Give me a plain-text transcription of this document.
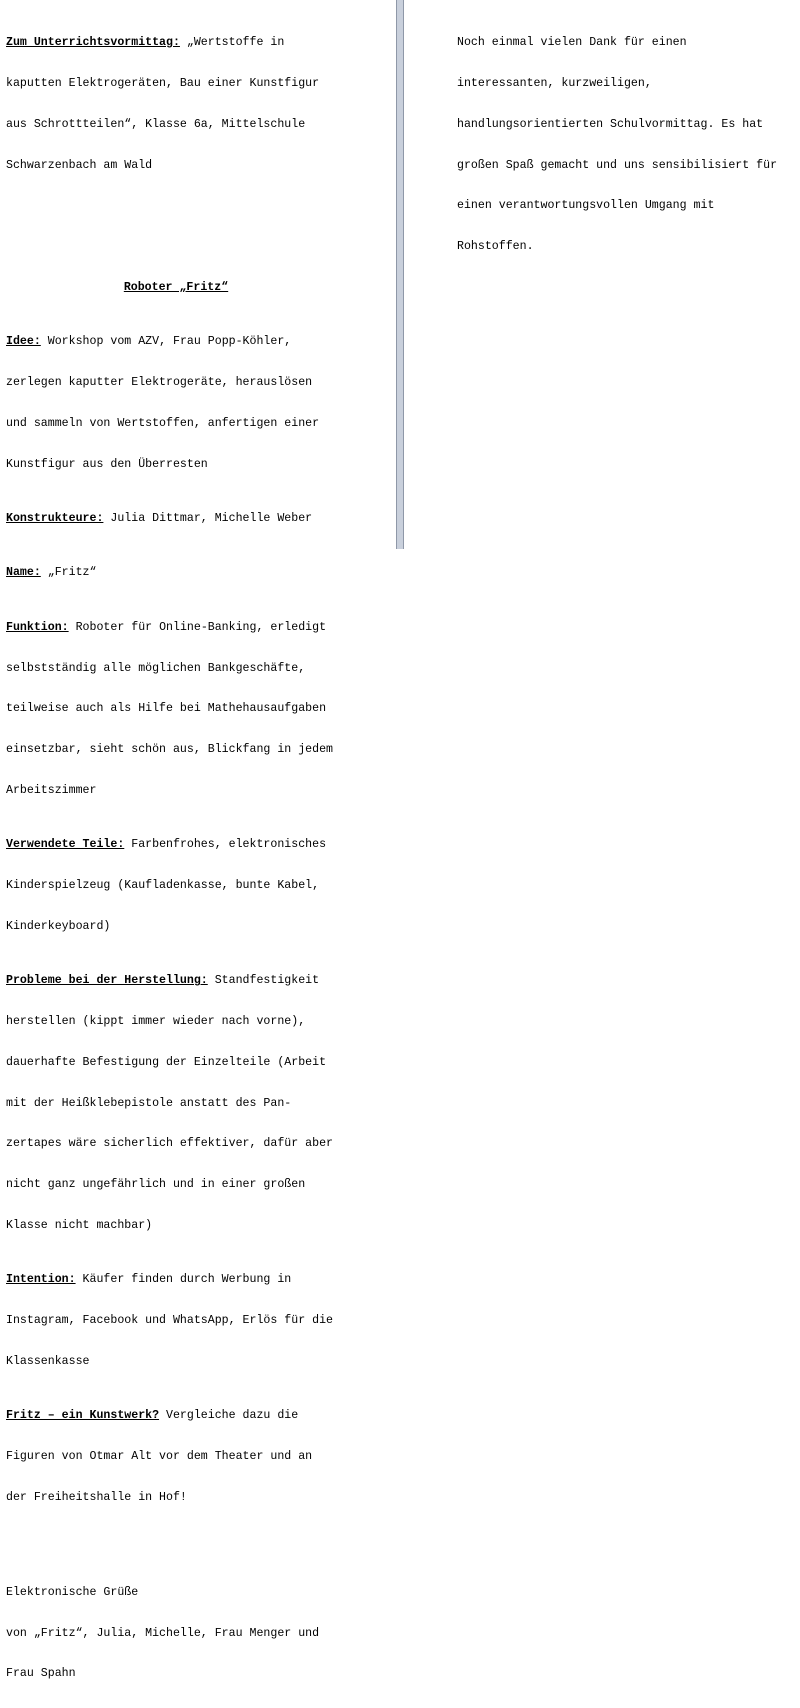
Zum Unterrichtsvormittag: „Wertstoffe in

kaputten Elektrogeräten, Bau einer Kunstfigur

aus Schrottteilen“, Klasse 6a, Mittelschule

Schwarzenbach am Wald

Roboter „Fritz“

Idee: Workshop vom AZV, Frau Popp-Köhler,

zerlegen kaputter Elektrogeräte, herauslösen

und sammeln von Wertstoffen, anfertigen einer

Kunstfigur aus den Überresten

Konstrukteure: Julia Dittmar, Michelle Weber

Name: „Fritz“

Funktion: Roboter für Online-Banking, erledigt

selbstständig alle möglichen Bankgeschäfte,

teilweise auch als Hilfe bei Mathehausaufgaben

einsetzbar, sieht schön aus, Blickfang in jedem

Arbeitszimmer

Verwendete Teile: Farbenfrohes, elektronisches

Kinderspielzeug (Kaufladenkasse, bunte Kabel,

Kinderkeyboard)

Probleme bei der Herstellung: Standfestigkeit

herstellen (kippt immer wieder nach vorne),

dauerhafte Befestigung der Einzelteile (Arbeit

mit der Heißklebepistole anstatt des Pan-

zertapes wäre sicherlich effektiver, dafür aber

nicht ganz ungefährlich und in einer großen

Klasse nicht machbar)

Intention: Käufer finden durch Werbung in

Instagram, Facebook und WhatsApp, Erlös für die

Klassenkasse

Fritz – ein Kunstwerk? Vergleiche dazu die

Figuren von Otmar Alt vor dem Theater und an

der Freiheitshalle in Hof!

Elektronische Grüße

von „Fritz“, Julia, Michelle, Frau Menger und

Frau Spahn

Noch einmal vielen Dank für einen

interessanten, kurzweiligen,

handlungsorientierten Schulvormittag. Es hat

großen Spaß gemacht und uns sensibilisiert für

einen verantwortungsvollen Umgang mit

Rohstoffen.
